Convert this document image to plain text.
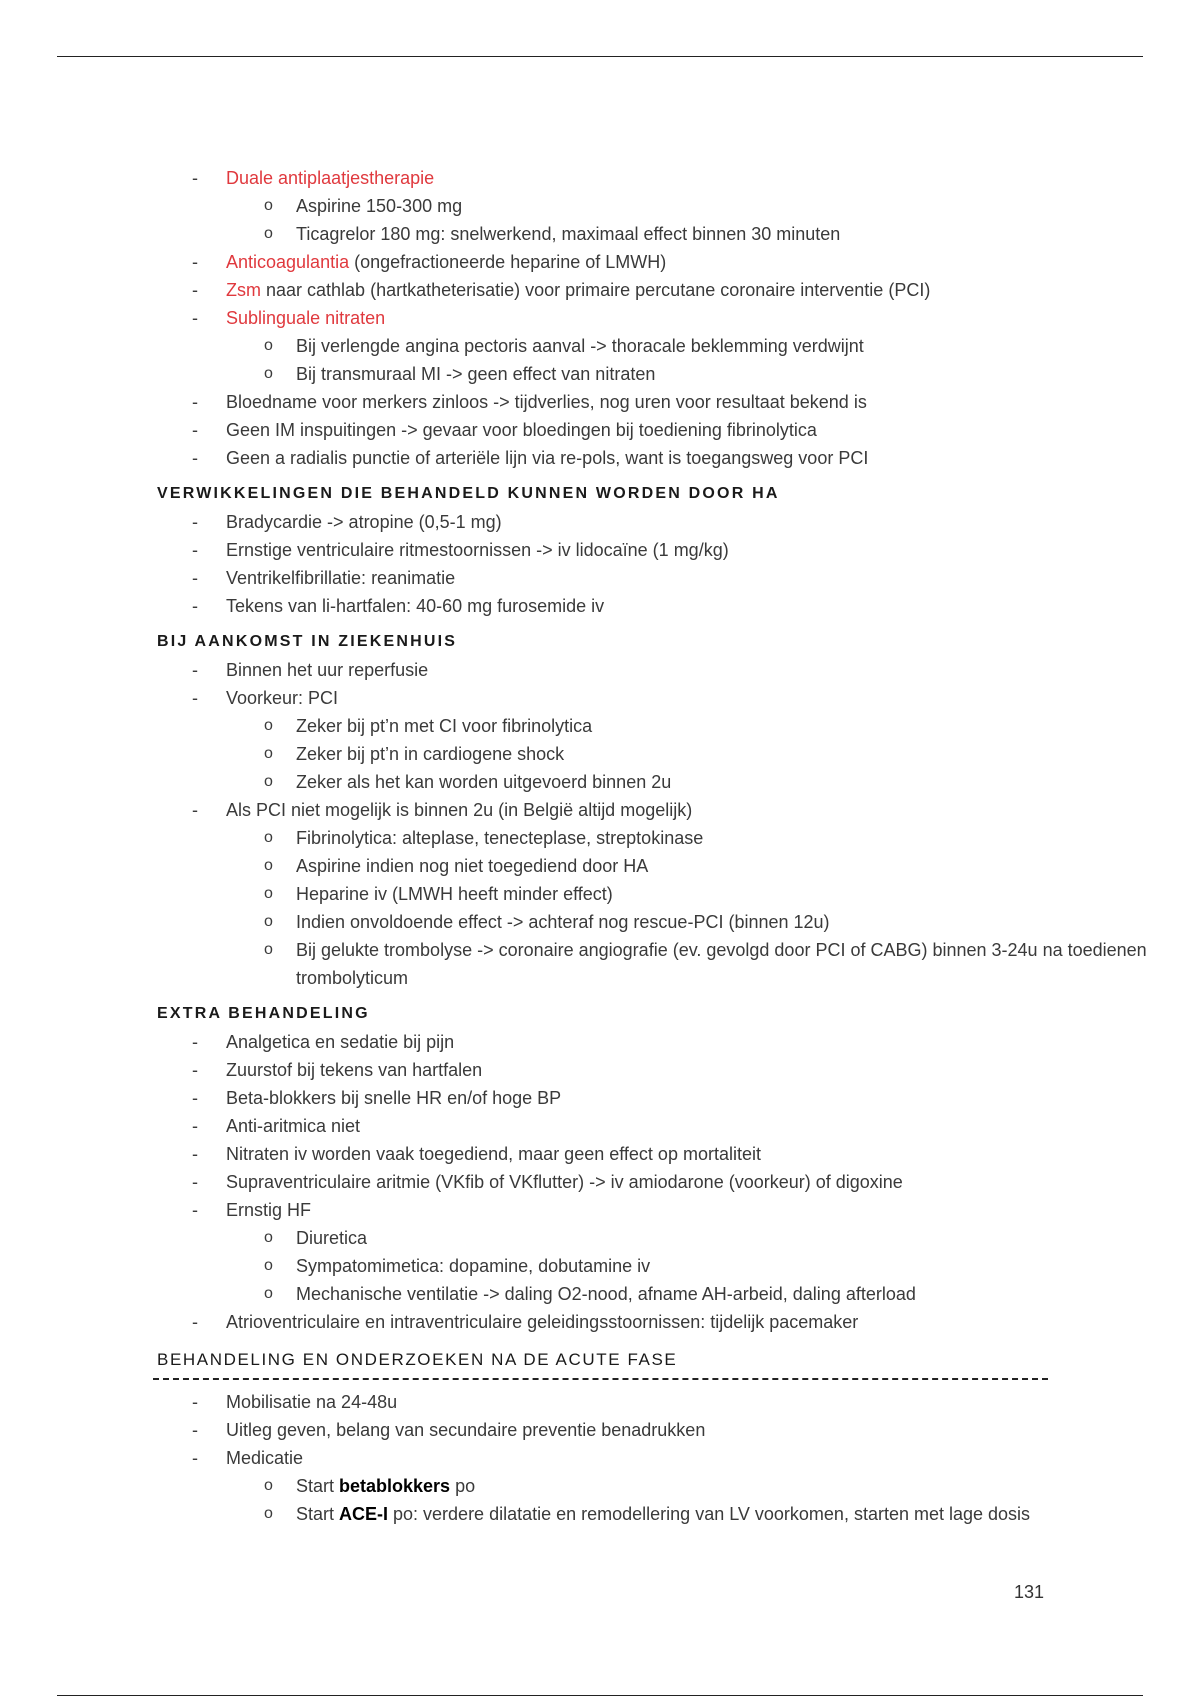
- Duale antiplaatjestherapie
o Aspirine 150-300 mg
o Ticagrelor 180 mg: snelwerkend, maximaal effect binnen 30 minuten
- Anticoagulantia (ongefractioneerde heparine of LMWH)
- Zsm naar cathlab (hartkatheterisatie) voor primaire percutane coronaire interventie (PCI)
- Sublinguale nitraten
o Bij verlengde angina pectoris aanval -> thoracale beklemming verdwijnt
o Bij transmuraal MI -> geen effect van nitraten
- Bloedname voor merkers zinloos -> tijdverlies, nog uren voor resultaat bekend is
- Geen IM inspuitingen -> gevaar voor bloedingen bij toediening fibrinolytica
- Geen a radialis punctie of arteriële lijn via re-pols, want is toegangsweg voor PCI
VERWIKKELINGEN DIE BEHANDELD KUNNEN WORDEN DOOR HA
- Bradycardie -> atropine (0,5-1 mg)
- Ernstige ventriculaire ritmestoornissen -> iv lidocaïne (1 mg/kg)
- Ventrikelfibrillatie: reanimatie
- Tekens van li-hartfalen: 40-60 mg furosemide iv
BIJ AANKOMST IN ZIEKENHUIS
- Binnen het uur reperfusie
- Voorkeur: PCI
o Zeker bij pt’n met CI voor fibrinolytica
o Zeker bij pt’n in cardiogene shock
o Zeker als het kan worden uitgevoerd binnen 2u
- Als PCI niet mogelijk is binnen 2u (in België altijd mogelijk)
o Fibrinolytica: alteplase, tenecteplase, streptokinase
o Aspirine indien nog niet toegediend door HA
o Heparine iv (LMWH heeft minder effect)
o Indien onvoldoende effect -> achteraf nog rescue-PCI (binnen 12u)
o Bij gelukte trombolyse -> coronaire angiografie (ev. gevolgd door PCI of CABG) binnen 3-24u na toedienen trombolyticum
EXTRA BEHANDELING
- Analgetica en sedatie bij pijn
- Zuurstof bij tekens van hartfalen
- Beta-blokkers bij snelle HR en/of hoge BP
- Anti-aritmica niet
- Nitraten iv worden vaak toegediend, maar geen effect op mortaliteit
- Supraventriculaire aritmie (VKfib of VKflutter) -> iv amiodarone (voorkeur) of digoxine
- Ernstig HF
o Diuretica
o Sympatomimetica: dopamine, dobutamine iv
o Mechanische ventilatie -> daling O2-nood, afname AH-arbeid, daling afterload
- Atrioventriculaire en intraventriculaire geleidingsstoornissen: tijdelijk pacemaker
BEHANDELING EN ONDERZOEKEN NA DE ACUTE FASE
- Mobilisatie na 24-48u
- Uitleg geven, belang van secundaire preventie benadrukken
- Medicatie
o Start betablokkers po
o Start ACE-I po: verdere dilatatie en remodellering van LV voorkomen, starten met lage dosis
131
